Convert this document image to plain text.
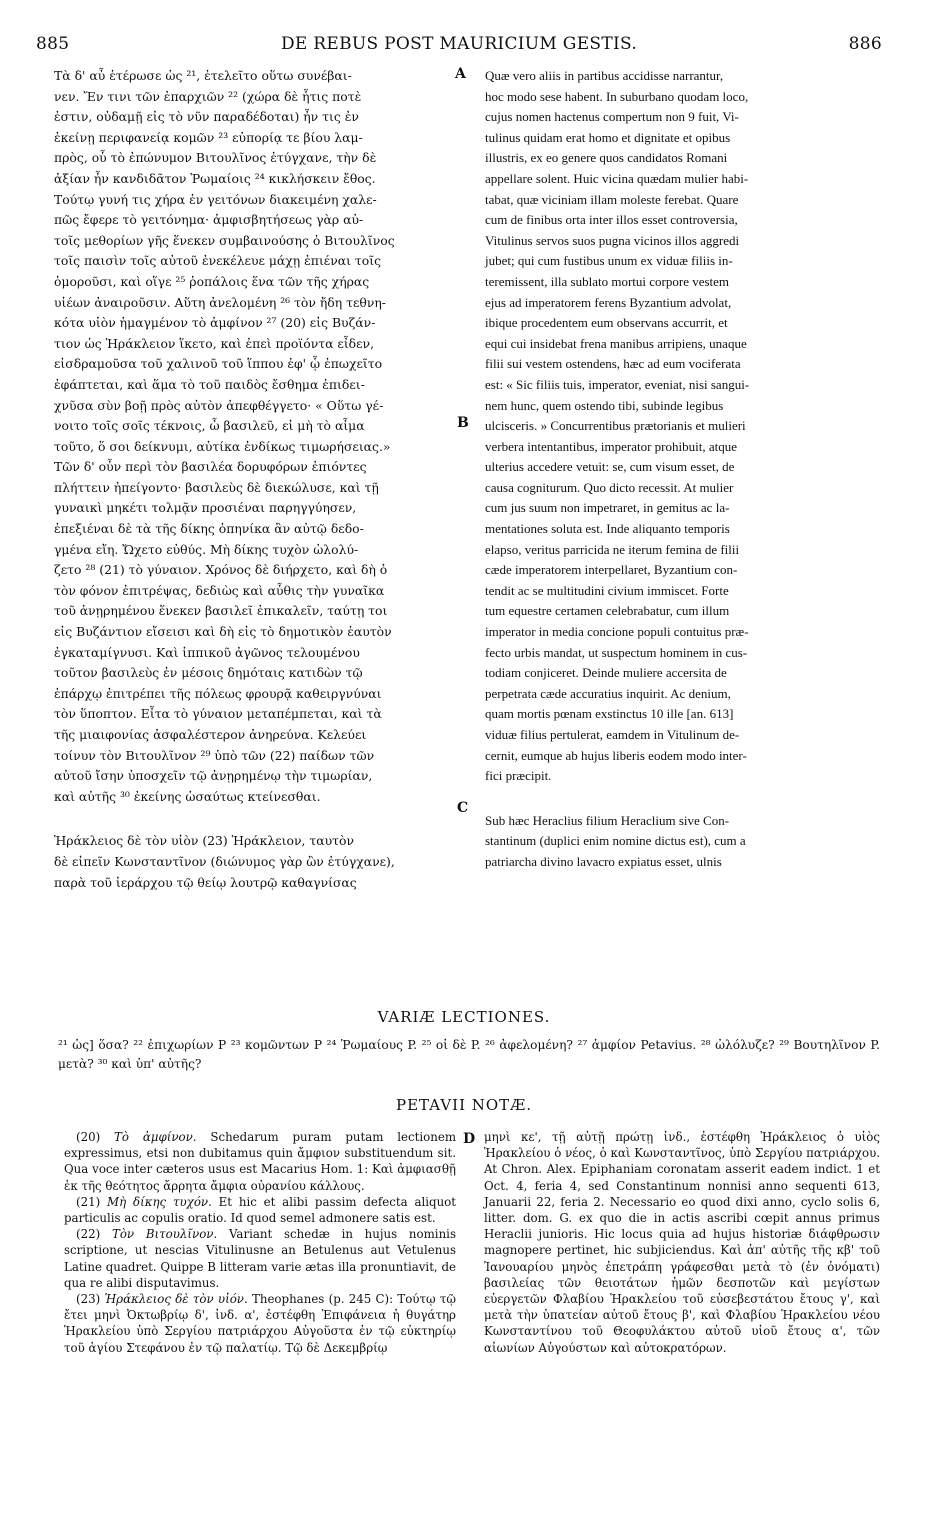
885	DE REBUS POST MAURICIUM GESTIS.	886
A
B
C
D

Τὰ δ' αὖ ἑτέρωσε ὡς ²¹, ἐτελεῖτο οὕτω συνέβαι-

νεν. Ἔν τινι τῶν ἐπαρχιῶν ²² (χώρα δὲ ἧτις ποτὲ

ἐστιν, οὐδαμῇ εἰς τὸ νῦν παραδέδοται) ἦν τις ἐν

ἐκείνῃ περιφανείᾳ κομῶν ²³ εὐπορίᾳ τε βίου λαμ-

πρὸς, οὗ τὸ ἐπώνυμον Βιτουλῖνος ἐτύγχανε, τὴν δὲ

ἀξίαν ἦν κανδιδᾶτον Ῥωμαίοις ²⁴ κικλήσκειν ἔθος.

Τούτῳ γυνή τις χήρα ἐν γειτόνων διακειμένη χαλε-

πῶς ἔφερε τὸ γειτόνημα· ἀμφισβητήσεως γὰρ αὐ-

τοῖς μεθορίων γῆς ἕνεκεν συμβαινούσης ὁ Βιτουλῖνος

τοῖς παισὶν τοῖς αὐτοῦ ἐνεκέλευε μάχῃ ἐπιέναι τοῖς

ὁμοροῦσι, καὶ οἵγε ²⁵ ῥοπάλοις ἕνα τῶν τῆς χήρας

υἱέων ἀναιροῦσιν. Αὕτη ἀνελομένη ²⁶ τὸν ἤδη τεθνη-

κότα υἱὸν ἡμαγμένον τὸ ἀμφίνον ²⁷ (20) εἰς Βυζάν-

τιον ὡς Ἡράκλειον ἵκετο, καὶ ἐπεὶ προϊόντα εἶδεν,

εἰσδραμοῦσα τοῦ χαλινοῦ τοῦ ἵππου ἐφ' ᾧ ἐπωχεῖτο

ἐφάπτεται, καὶ ἅμα τὸ τοῦ παιδὸς ἔσθημα ἐπιδει-

χνῦσα σὺν βοῇ πρὸς αὐτὸν ἀπεφθέγγετο· « Οὕτω γέ-

νοιτο τοῖς σοῖς τέκνοις, ὦ βασιλεῦ, εἰ μὴ τὸ αἷμα

τοῦτο, ὅ σοι δείκνυμι, αὐτίκα ἐνδίκως τιμωρήσειας.»

Τῶν δ' οὖν περὶ τὸν βασιλέα δορυφόρων ἐπιόντες

πλήττειν ἠπείγοντο· βασιλεὺς δὲ διεκώλυσε, καὶ τῇ

γυναικὶ μηκέτι τολμᾷν προσιέναι παρηγγύησεν,

ἐπεξιέναι δὲ τὰ τῆς δίκης ὁπηνίκα ἂν αὐτῷ δεδο-

γμένα εἴη. Ὤχετο εὐθύς. Μὴ δίκης τυχὸν ὠλολύ-

ζετο ²⁸ (21) τὸ γύναιον. Χρόνος δὲ διήρχετο, καὶ δὴ ὁ

τὸν φόνον ἐπιτρέψας, δεδιὼς καὶ αὖθις τὴν γυναῖκα

τοῦ ἀνῃρημένου ἕνεκεν βασιλεῖ ἐπικαλεῖν, ταύτῃ τοι

εἰς Βυζάντιον εἴσεισι καὶ δὴ εἰς τὸ δημοτικὸν ἑαυτὸν

ἐγκαταμίγνυσι. Καὶ ἱππικοῦ ἀγῶνος τελουμένου

τοῦτον βασιλεὺς ἐν μέσοις δημόταις κατιδὼν τῷ

ἐπάρχῳ ἐπιτρέπει τῆς πόλεως φρουρᾷ καθειργνύναι

τὸν ὕποπτον. Εἶτα τὸ γύναιον μεταπέμπεται, καὶ τὰ

τῆς μιαιφονίας ἀσφαλέστερον ἀνηρεύνα. Κελεύει

τοίνυν τὸν Βιτουλῖνον ²⁹ ὑπὸ τῶν (22) παίδων τῶν

αὐτοῦ ἴσην ὑποσχεῖν τῷ ἀνῃρημένῳ τὴν τιμωρίαν,

καὶ αὐτῆς ³⁰ ἐκείνης ὡσαύτως κτείνεσθαι.

Ἡράκλειος δὲ τὸν υἱὸν (23) Ἡράκλειον, ταυτὸν

δὲ εἰπεῖν Κωνσταντῖνον (διώνυμος γὰρ ὢν ἐτύγχανε),

παρὰ τοῦ ἱεράρχου τῷ θείῳ λουτρῷ καθαγνίσας

Quæ vero aliis in partibus accidisse narrantur,

hoc modo sese habent. In suburbano quodam loco,

cujus nomen hactenus compertum non 9 fuit, Vi-

tulinus quidam erat homo et dignitate et opibus

illustris, ex eo genere quos candidatos Romani

appellare solent. Huic vicina quædam mulier habi-

tabat, quæ viciniam illam moleste ferebat. Quare

cum de finibus orta inter illos esset controversia,

Vitulinus servos suos pugna vicinos illos aggredi

jubet; qui cum fustibus unum ex viduæ filiis in-

teremissent, illa sublato mortui corpore vestem

ejus ad imperatorem ferens Byzantium advolat,

ibique procedentem eum observans accurrit, et

equi cui insidebat frena manibus arripiens, unaque

filii sui vestem ostendens, hæc ad eum vociferata

est: « Sic filiis tuis, imperator, eveniat, nisi sangui-

nem hunc, quem ostendo tibi, subinde legibus

ulcisceris. » Concurrentibus prætorianis et mulieri

verbera intentantibus, imperator prohibuit, atque

ulterius accedere vetuit: se, cum visum esset, de

causa cogniturum. Quo dicto recessit. At mulier

cum jus suum non impetraret, in gemitus ac la-

mentationes soluta est. Inde aliquanto temporis

elapso, veritus parricida ne iterum femina de filii

cæde imperatorem interpellaret, Byzantium con-

tendit ac se multitudini civium immiscet. Forte

tum equestre certamen celebrabatur, cum illum

imperator in media concione populi contuitus præ-

fecto urbis mandat, ut suspectum hominem in cus-

todiam conjiceret. Deinde muliere accersita de

perpetrata cæde accuratius inquirit. Ac denium,

quam mortis pœnam exstinctus 10 ille [an. 613]

viduæ filius pertulerat, eamdem in Vitulinum de-

cernit, eumque ab hujus liberis eodem modo inter-

fici præcipit.

Sub hæc Heraclius filium Heraclium sive Con-

stantinum (duplici enim nomine dictus est), cum a

patriarcha divino lavacro expiatus esset, ulnis

VARIÆ LECTIONES.
²¹ ὡς] ὅσα? ²² ἐπιχωρίων P ²³ κομῶντων P ²⁴ Ῥωμαίους P. ²⁵ οἱ δὲ P. ²⁶ ἀφελομένη? ²⁷ ἀμφίον Petavius. ²⁸ ὠλόλυζε? ²⁹ Βουτηλῖνον P. μετὰ? ³⁰ καὶ ὑπ' αὐτῆς?
PETAVII NOTÆ.

(20) Τὸ ἀμφίνον. Schedarum puram putam lectionem expressimus, etsi non dubitamus quin ἄμφιον substituendum sit. Qua voce inter cæteros usus est Macarius Hom. 1: Καὶ ἀμφιασθῇ ἐκ τῆς θεότητος ἄρρητα ἄμφια οὐρανίου κάλλους.

(21) Μὴ δίκης τυχόν. Et hic et alibi passim defecta aliquot particulis ac copulis oratio. Id quod semel admonere satis est.

(22) Τὸν Βιτουλῖνον. Variant schedæ in hujus nominis scriptione, ut nescias Vitulinusne an Betulenus aut Vetulenus Latine quadret. Quippe B litteram varie ætas illa pronuntiavit, de qua re alibi disputavimus.

(23) Ἡράκλειος δὲ τὸν υἱόν. Theophanes (p. 245 C): Τούτῳ τῷ ἔτει μηνὶ Ὀκτωβρίῳ δ', ἰνδ. α', ἐστέφθη Ἐπιφάνεια ἡ θυγάτηρ Ἡρακλείου ὑπὸ Σεργίου πατριάρχου Αὐγοῦστα ἐν τῷ εὐκτηρίῳ τοῦ ἁγίου Στεφάνου ἐν τῷ παλατίῳ. Τῷ δὲ Δεκεμβρίῳ

μηνὶ κε', τῇ αὐτῇ πρώτῃ ἰνδ., ἐστέφθη Ἡράκλειος ὁ υἱὸς Ἡρακλείου ὁ νέος, ὁ καὶ Κωνσταντῖνος, ὑπὸ Σεργίου πατριάρχου. At Chron. Alex. Epiphaniam coronatam asserit eadem indict. 1 et Oct. 4, feria 4, sed Constantinum nonnisi anno sequenti 613, Januarii 22, feria 2. Necessario eo quod dixi anno, cyclo solis 6, litter. dom. G. ex quo die in actis ascribi cœpit annus primus Heraclii junioris. Hic locus quia ad hujus historiæ διάφθρωσιν magnopere pertinet, hic subjiciendus. Καὶ ἀπ' αὐτῆς τῆς κβ' τοῦ Ἰανουαρίου μηνὸς ἐπετράπη γράφεσθαι μετὰ τὸ (ἐν ὀνόματι) βασιλείας τῶν θειοτάτων ἡμῶν δεσποτῶν καὶ μεγίστων εὐεργετῶν Φλαβίου Ἡρακλείου τοῦ εὐσεβεστάτου ἔτους γ', καὶ μετὰ τὴν ὑπατείαν αὐτοῦ ἔτους β', καὶ Φλαβίου Ἡρακλείου νέου Κωνσταντίνου τοῦ Θεοφυλάκτου αὐτοῦ υἱοῦ ἔτους α', τῶν αἰωνίων Αὐγούστων καὶ αὐτοκρατόρων.
